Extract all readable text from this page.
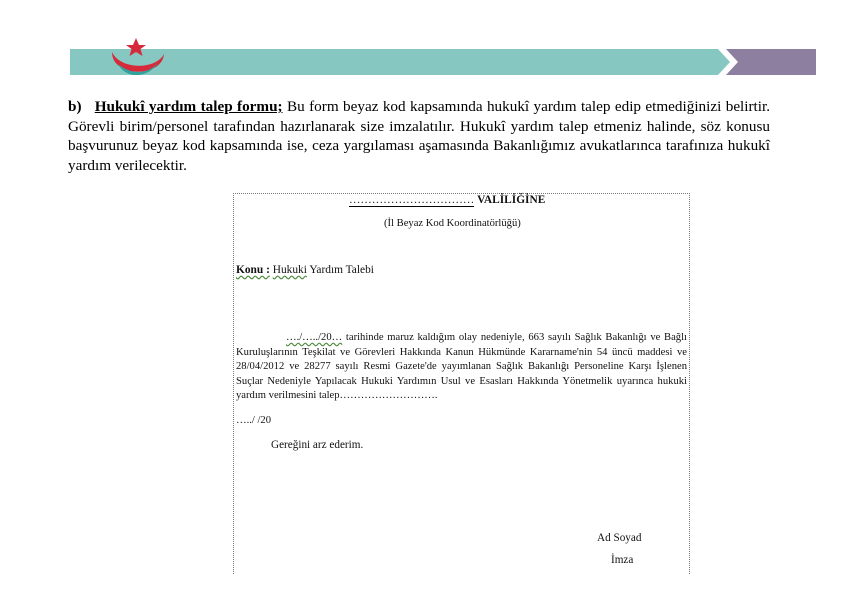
b) Hukukî yardım talep formu; Bu form beyaz kod kapsamında hukukî yardım talep edip etmediğinizi belirtir. Görevli birim/personel tarafından hazırlanarak size imzalatılır. Hukukî yardım talep etmeniz halinde, söz konusu başvurunuz beyaz kod kapsamında ise, ceza yargılaması aşamasında Bakanlığımız avukatlarınca tarafınıza hukukî yardım verilecektir.
…………………………… VALİLİĞİNE
(İl Beyaz Kod Koordinatörlüğü)
Konu : Hukuki Yardım Talebi
…./…../20… tarihinde maruz kaldığım olay nedeniyle, 663 sayılı Sağlık Bakanlığı ve Bağlı Kuruluşlarının Teşkilat ve Görevleri Hakkında Kanun Hükmünde Kararname'nin 54 üncü maddesi ve 28/04/2012 ve 28277 sayılı Resmi Gazete'de yayımlanan Sağlık Bakanlığı Personeline Karşı İşlenen Suçlar Nedeniyle Yapılacak Hukuki Yardımın Usul ve Esasları Hakkında Yönetmelik uyarınca hukuki yardım verilmesini talep……………………….
…../ /20
Gereğini arz ederim.
Ad Soyad
İmza
